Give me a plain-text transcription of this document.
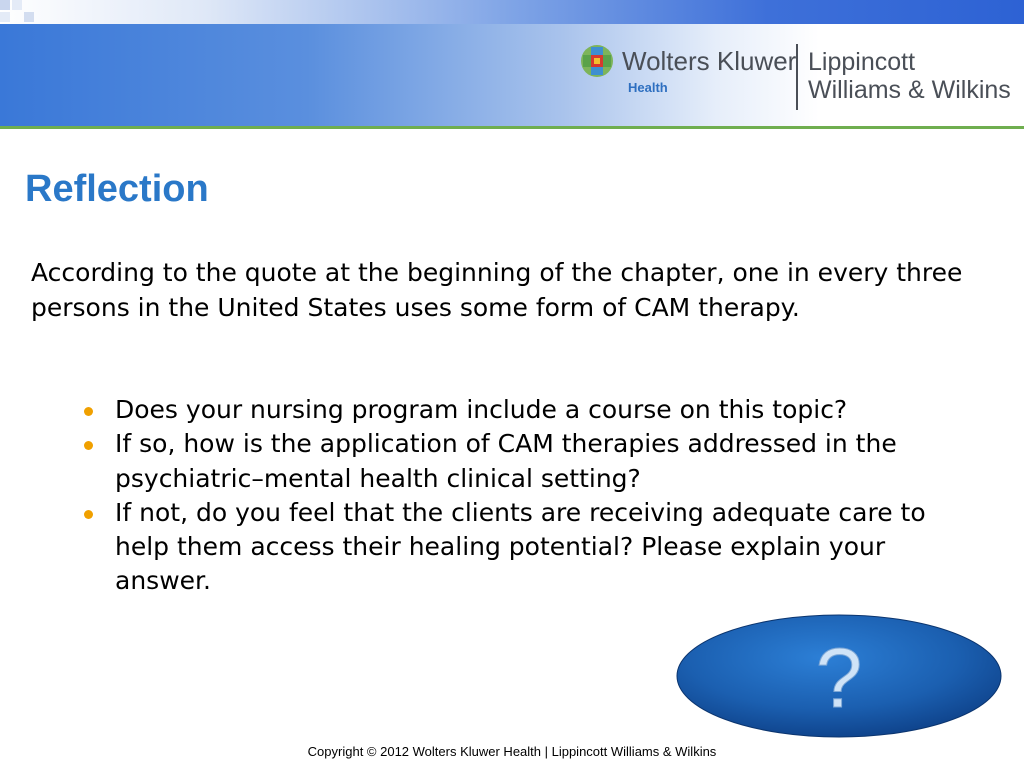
Wolters Kluwer
Health
Lippincott
Williams & Wilkins
Reflection
According to the quote at the beginning of the chapter, one in every three persons in the United States uses some form of CAM therapy.
Does your nursing program include a course on this topic?
If so, how is the application of CAM therapies addressed in the psychiatric–mental health clinical setting?
If not, do you feel that the clients are receiving adequate care to help them access their healing potential? Please explain your answer.
?
Copyright © 2012 Wolters Kluwer Health | Lippincott Williams & Wilkins
